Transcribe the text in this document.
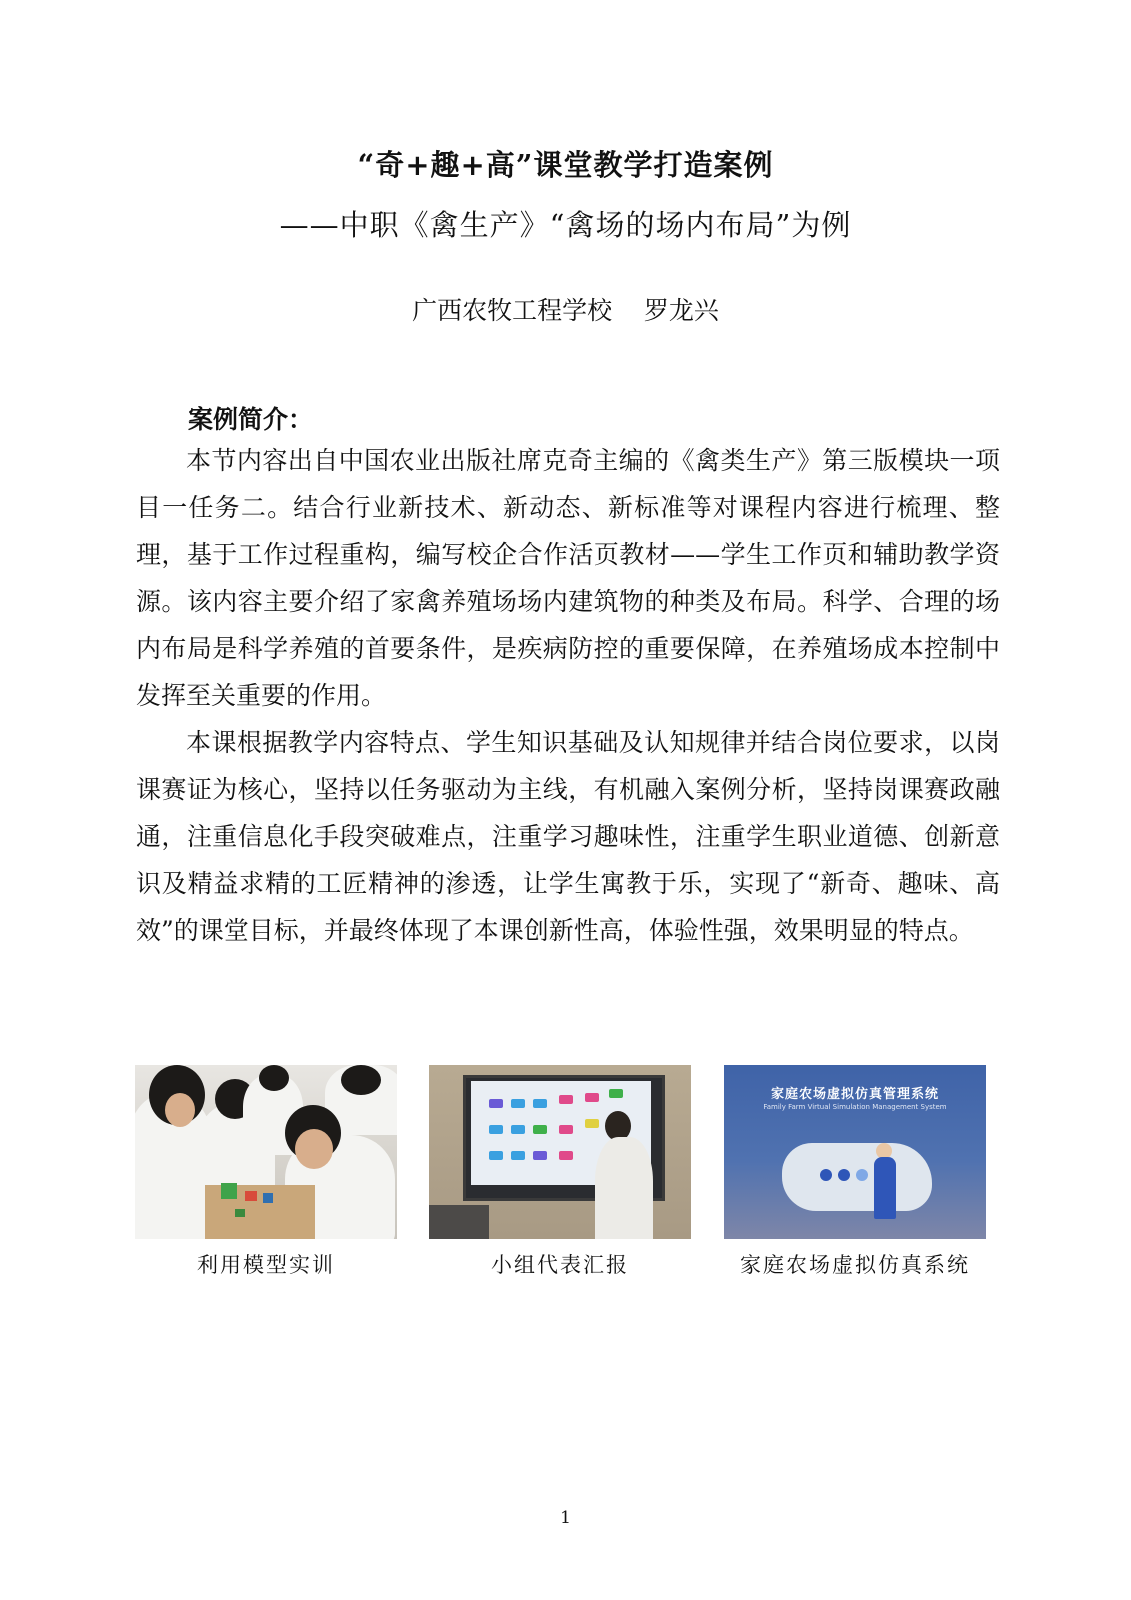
“奇+趣+高”课堂教学打造案例
——中职《禽生产》“禽场的场内布局”为例
广西农牧工程学校    罗龙兴
案例简介：

本节内容出自中国农业出版社席克奇主编的《禽类生产》第三版模块一项目一任务二。结合行业新技术、新动态、新标准等对课程内容进行梳理、整理，基于工作过程重构，编写校企合作活页教材——学生工作页和辅助教学资源。该内容主要介绍了家禽养殖场场内建筑物的种类及布局。科学、合理的场内布局是科学养殖的首要条件，是疾病防控的重要保障，在养殖场成本控制中发挥至关重要的作用。

本课根据教学内容特点、学生知识基础及认知规律并结合岗位要求，以岗课赛证为核心，坚持以任务驱动为主线，有机融入案例分析，坚持岗课赛政融通，注重信息化手段突破难点，注重学习趣味性，注重学生职业道德、创新意识及精益求精的工匠精神的渗透，让学生寓教于乐，实现了“新奇、趣味、高效”的课堂目标，并最终体现了本课创新性高，体验性强，效果明显的特点。

利用模型实训	小组代表汇报
家庭农场虚拟仿真管理系统
Family Farm Virtual Simulation Management System
家庭农场虚拟仿真系统
1
